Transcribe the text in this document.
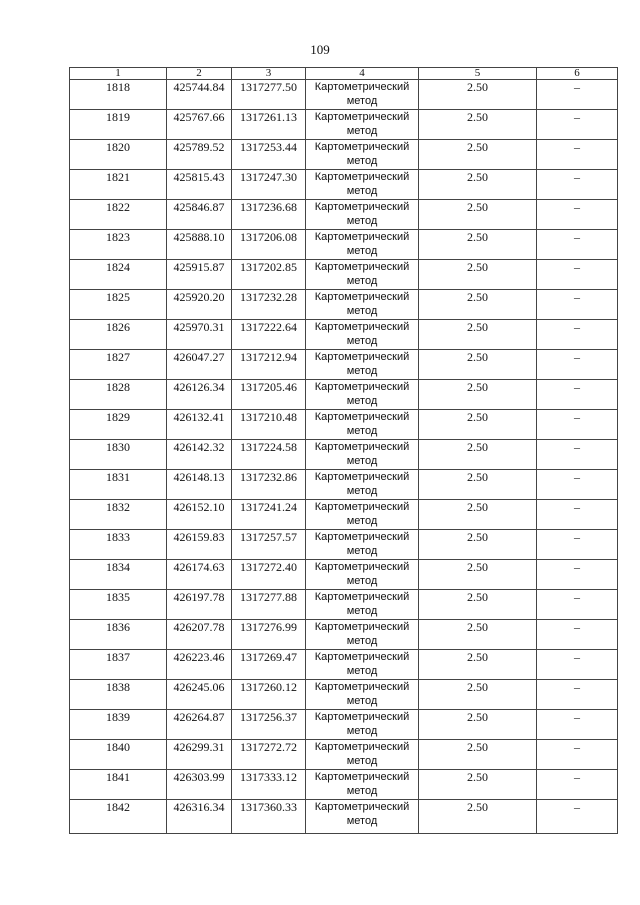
109
1	2	3	4	5	6
1818	425744.84	1317277.50	Картометрический метод	2.50	–
1819	425767.66	1317261.13	Картометрический метод	2.50	–
1820	425789.52	1317253.44	Картометрический метод	2.50	–
1821	425815.43	1317247.30	Картометрический метод	2.50	–
1822	425846.87	1317236.68	Картометрический метод	2.50	–
1823	425888.10	1317206.08	Картометрический метод	2.50	–
1824	425915.87	1317202.85	Картометрический метод	2.50	–
1825	425920.20	1317232.28	Картометрический метод	2.50	–
1826	425970.31	1317222.64	Картометрический метод	2.50	–
1827	426047.27	1317212.94	Картометрический метод	2.50	–
1828	426126.34	1317205.46	Картометрический метод	2.50	–
1829	426132.41	1317210.48	Картометрический метод	2.50	–
1830	426142.32	1317224.58	Картометрический метод	2.50	–
1831	426148.13	1317232.86	Картометрический метод	2.50	–
1832	426152.10	1317241.24	Картометрический метод	2.50	–
1833	426159.83	1317257.57	Картометрический метод	2.50	–
1834	426174.63	1317272.40	Картометрический метод	2.50	–
1835	426197.78	1317277.88	Картометрический метод	2.50	–
1836	426207.78	1317276.99	Картометрический метод	2.50	–
1837	426223.46	1317269.47	Картометрический метод	2.50	–
1838	426245.06	1317260.12	Картометрический метод	2.50	–
1839	426264.87	1317256.37	Картометрический метод	2.50	–
1840	426299.31	1317272.72	Картометрический метод	2.50	–
1841	426303.99	1317333.12	Картометрический метод	2.50	–
1842	426316.34	1317360.33	Картометрический метод	2.50	–
